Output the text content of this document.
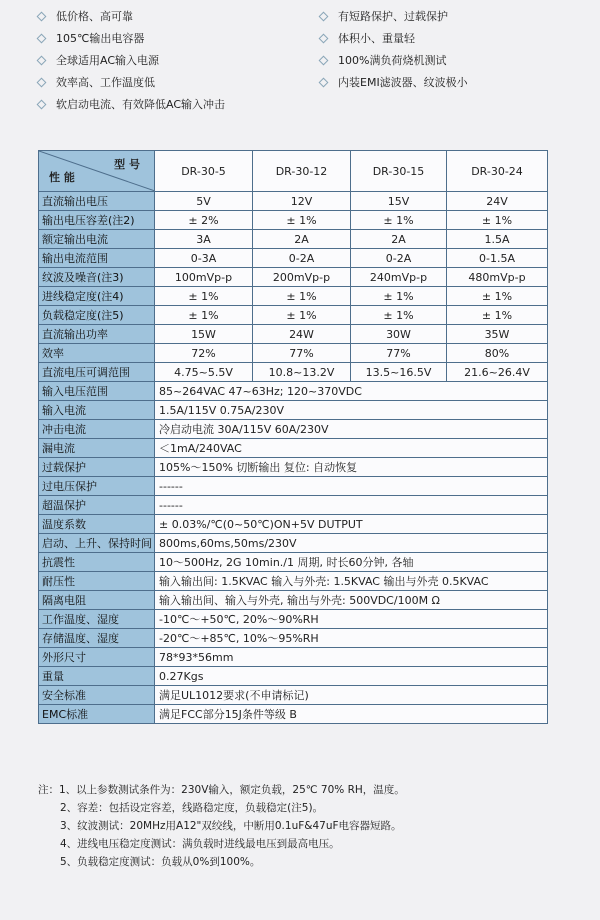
低价格、高可靠
105℃输出电容器
全球适用AC输入电源
效率高、工作温度低
软启动电流、有效降低AC输入冲击
有短路保护、过载保护
体积小、重量轻
100%满负荷烧机测试
内装EMI滤波器、纹波极小
型 号
性 能	DR-30-5	DR-30-12	DR-30-15	DR-30-24
直流输出电压	5V	12V	15V	24V
输出电压容差(注2)	± 2%	± 1%	± 1%	± 1%
额定输出电流	3A	2A	2A	1.5A
输出电流范围	0-3A	0-2A	0-2A	0-1.5A
纹波及噪音(注3)	100mVp-p	200mVp-p	240mVp-p	480mVp-p
进线稳定度(注4)	± 1%	± 1%	± 1%	± 1%
负载稳定度(注5)	± 1%	± 1%	± 1%	± 1%
直流输出功率	15W	24W	30W	35W
效率	72%	77%	77%	80%
直流电压可调范围	4.75~5.5V	10.8~13.2V	13.5~16.5V	21.6~26.4V
输入电压范围	85~264VAC 47~63Hz; 120~370VDC			
输入电流	1.5A/115V 0.75A/230V			
冲击电流	冷启动电流 30A/115V 60A/230V			
漏电流	＜1mA/240VAC			
过载保护	105%～150% 切断输出 复位: 自动恢复			
过电压保护	------			
超温保护	------			
温度系数	± 0.03%/℃(0~50℃)ON+5V DUTPUT			
启动、上升、保持时间	800ms,60ms,50ms/230V			
抗震性	10～500Hz, 2G 10min./1 周期, 时长60分钟, 各轴			
耐压性	输入输出间: 1.5KVAC 输入与外壳: 1.5KVAC 输出与外壳 0.5KVAC			
隔离电阻	输入输出间、输入与外壳, 输出与外壳: 500VDC/100M Ω			
工作温度、湿度	-10℃～+50℃, 20%～90%RH			
存储温度、湿度	-20℃～+85℃, 10%～95%RH			
外形尺寸	78*93*56mm			
重量	0.27Kgs			
安全标准	满足UL1012要求(不申请标记)			
EMC标准	满足FCC部分15J条件等级 B			
注：1、以上参数测试条件为：230V输入，额定负载，25℃ 70% RH，温度。
2、容差：包括设定容差，线路稳定度，负载稳定(注5)。
3、纹波测试：20MHz用A12"双绞线，中断用0.1uF&47uF电容器短路。
4、进线电压稳定度测试：满负载时进线最电压到最高电压。
5、负载稳定度测试：负载从0%到100%。
